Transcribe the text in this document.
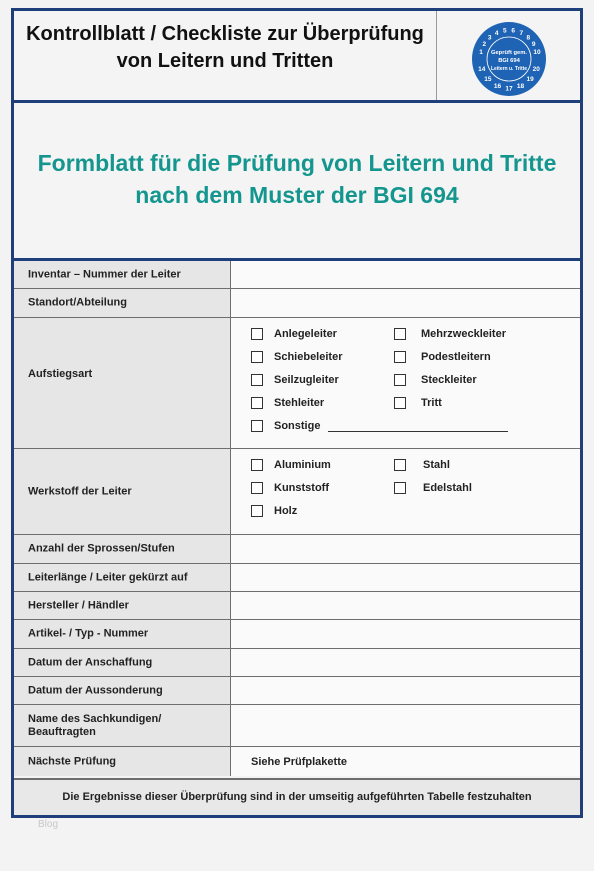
Kontrollblatt / Checkliste zur Überprüfung
von Leitern und Tritten	1
2
3
4 5 6 7
8
9
10
14
15
16 17 18
19
20
Geprüft gem.
BGI 694
Leitern u. Tritte
Formblatt für die Prüfung von Leitern und Tritte
nach dem Muster der BGI 694
Inventar – Nummer der Leiter
Standort/Abteilung
Aufstiegsart
Anlegeleiter	Mehrzweckleiter
Schiebeleiter	Podestleitern
Seilzugleiter	Steckleiter
Stehleiter	Tritt
Sonstige
Werkstoff der Leiter
Aluminium	Stahl
Kunststoff	Edelstahl
Holz
Anzahl der Sprossen/Stufen
Leiterlänge / Leiter gekürzt auf
Hersteller / Händler
Artikel- / Typ - Nummer
Datum der Anschaffung
Datum der Aussonderung
Name des Sachkundigen/ Beauftragten
Nächste Prüfung	Siehe Prüfplakette
Die Ergebnisse dieser Überprüfung sind in der umseitig aufgeführten Tabelle festzuhalten
Blog
